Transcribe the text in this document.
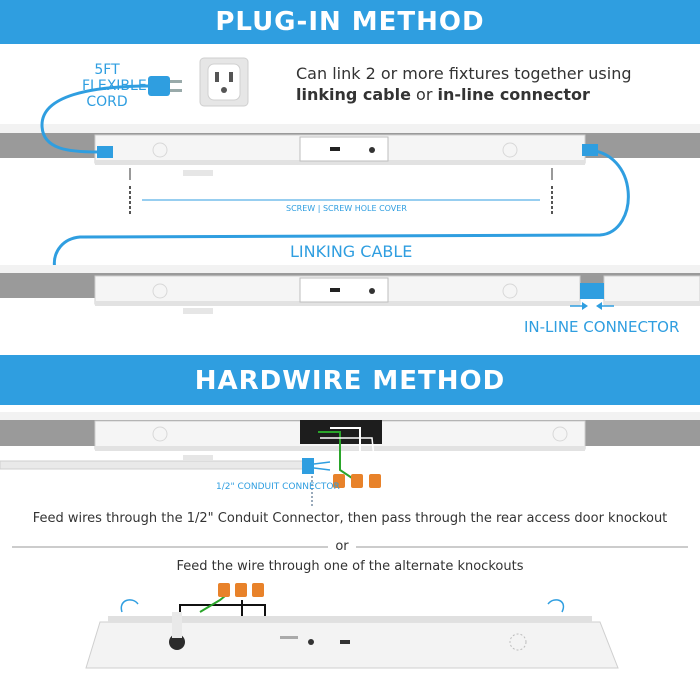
PLUG-IN METHOD
HARDWIRE METHOD
5FT
FLEXIBLE
CORD
Can link 2 or more fixtures together using
linking cable or in-line connector
SCREW | SCREW HOLE COVER
LINKING CABLE
IN-LINE CONNECTOR
1/2" CONDUIT CONNECTOR
Feed wires through the 1/2" Conduit Connector, then pass through the rear access door knockout
or
Feed the wire through one of the alternate knockouts
